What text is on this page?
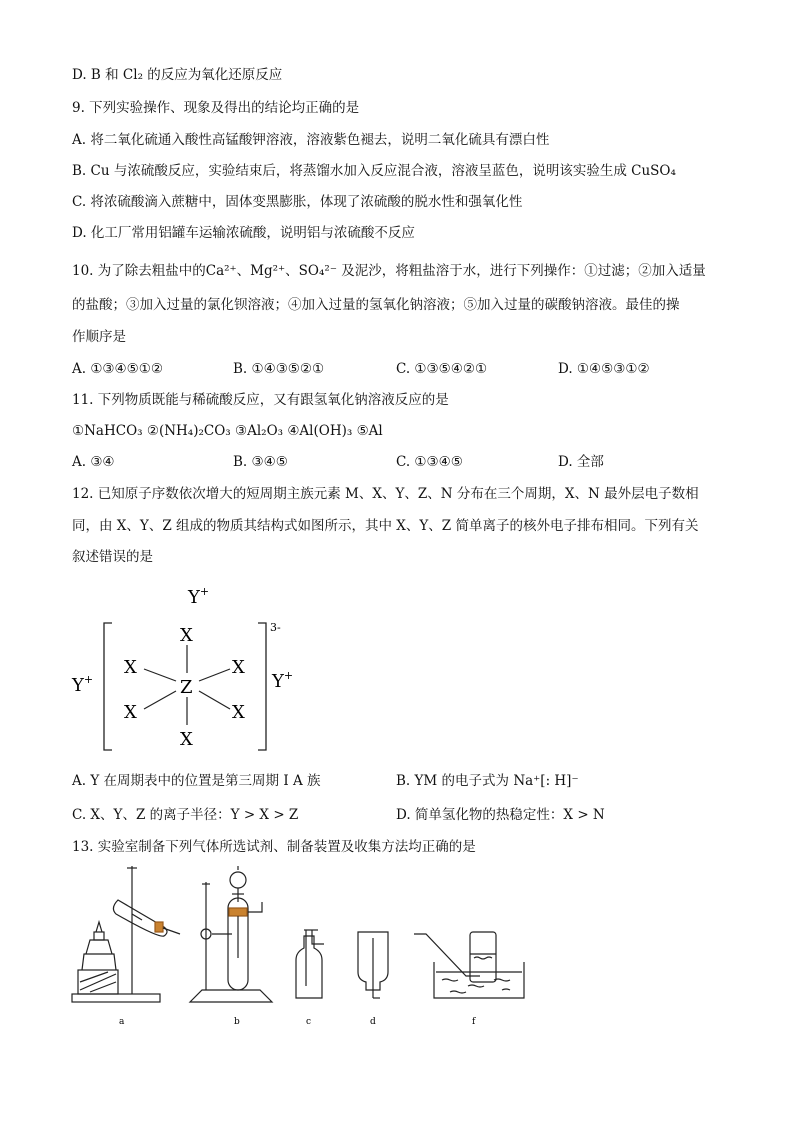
D. B 和 Cl₂ 的反应为氧化还原反应
9. 下列实验操作、现象及得出的结论均正确的是
A. 将二氧化硫通入酸性高锰酸钾溶液，溶液紫色褪去，说明二氧化硫具有漂白性
B. Cu 与浓硫酸反应，实验结束后，将蒸馏水加入反应混合液，溶液呈蓝色，说明该实验生成 CuSO₄
C. 将浓硫酸滴入蔗糖中，固体变黑膨胀，体现了浓硫酸的脱水性和强氧化性
D. 化工厂常用铝罐车运输浓硫酸，说明铝与浓硫酸不反应
10. 为了除去粗盐中的Ca²⁺、Mg²⁺、SO₄²⁻ 及泥沙，将粗盐溶于水，进行下列操作：①过滤；②加入适量
的盐酸；③加入过量的氯化钡溶液；④加入过量的氢氧化钠溶液；⑤加入过量的碳酸钠溶液。最佳的操
作顺序是
A. ①③④⑤①②	B. ①④③⑤②①	C. ①③⑤④②①	D. ①④⑤③①②
11. 下列物质既能与稀硫酸反应，又有跟氢氧化钠溶液反应的是
①NaHCO₃ ②(NH₄)₂CO₃ ③Al₂O₃ ④Al(OH)₃ ⑤Al
A. ③④	B. ③④⑤	C. ①③④⑤	D. 全部
12. 已知原子序数依次增大的短周期主族元素 M、X、Y、Z、N 分布在三个周期，X、N 最外层电子数相
同，由 X、Y、Z 组成的物质其结构式如图所示，其中 X、Y、Z 简单离子的核外电子排布相同。下列有关
叙述错误的是
Y+
3-
Y+	Y+
Z
X
X
X
X
X
X
A. Y 在周期表中的位置是第三周期 I A 族	B. YM 的电子式为 Na⁺[: H]⁻
C. X、Y、Z 的离子半径：Y > X > Z	D. 简单氢化物的热稳定性：X > N
13. 实验室制备下列气体所选试剂、制备装置及收集方法均正确的是
a	b	c	d	f
